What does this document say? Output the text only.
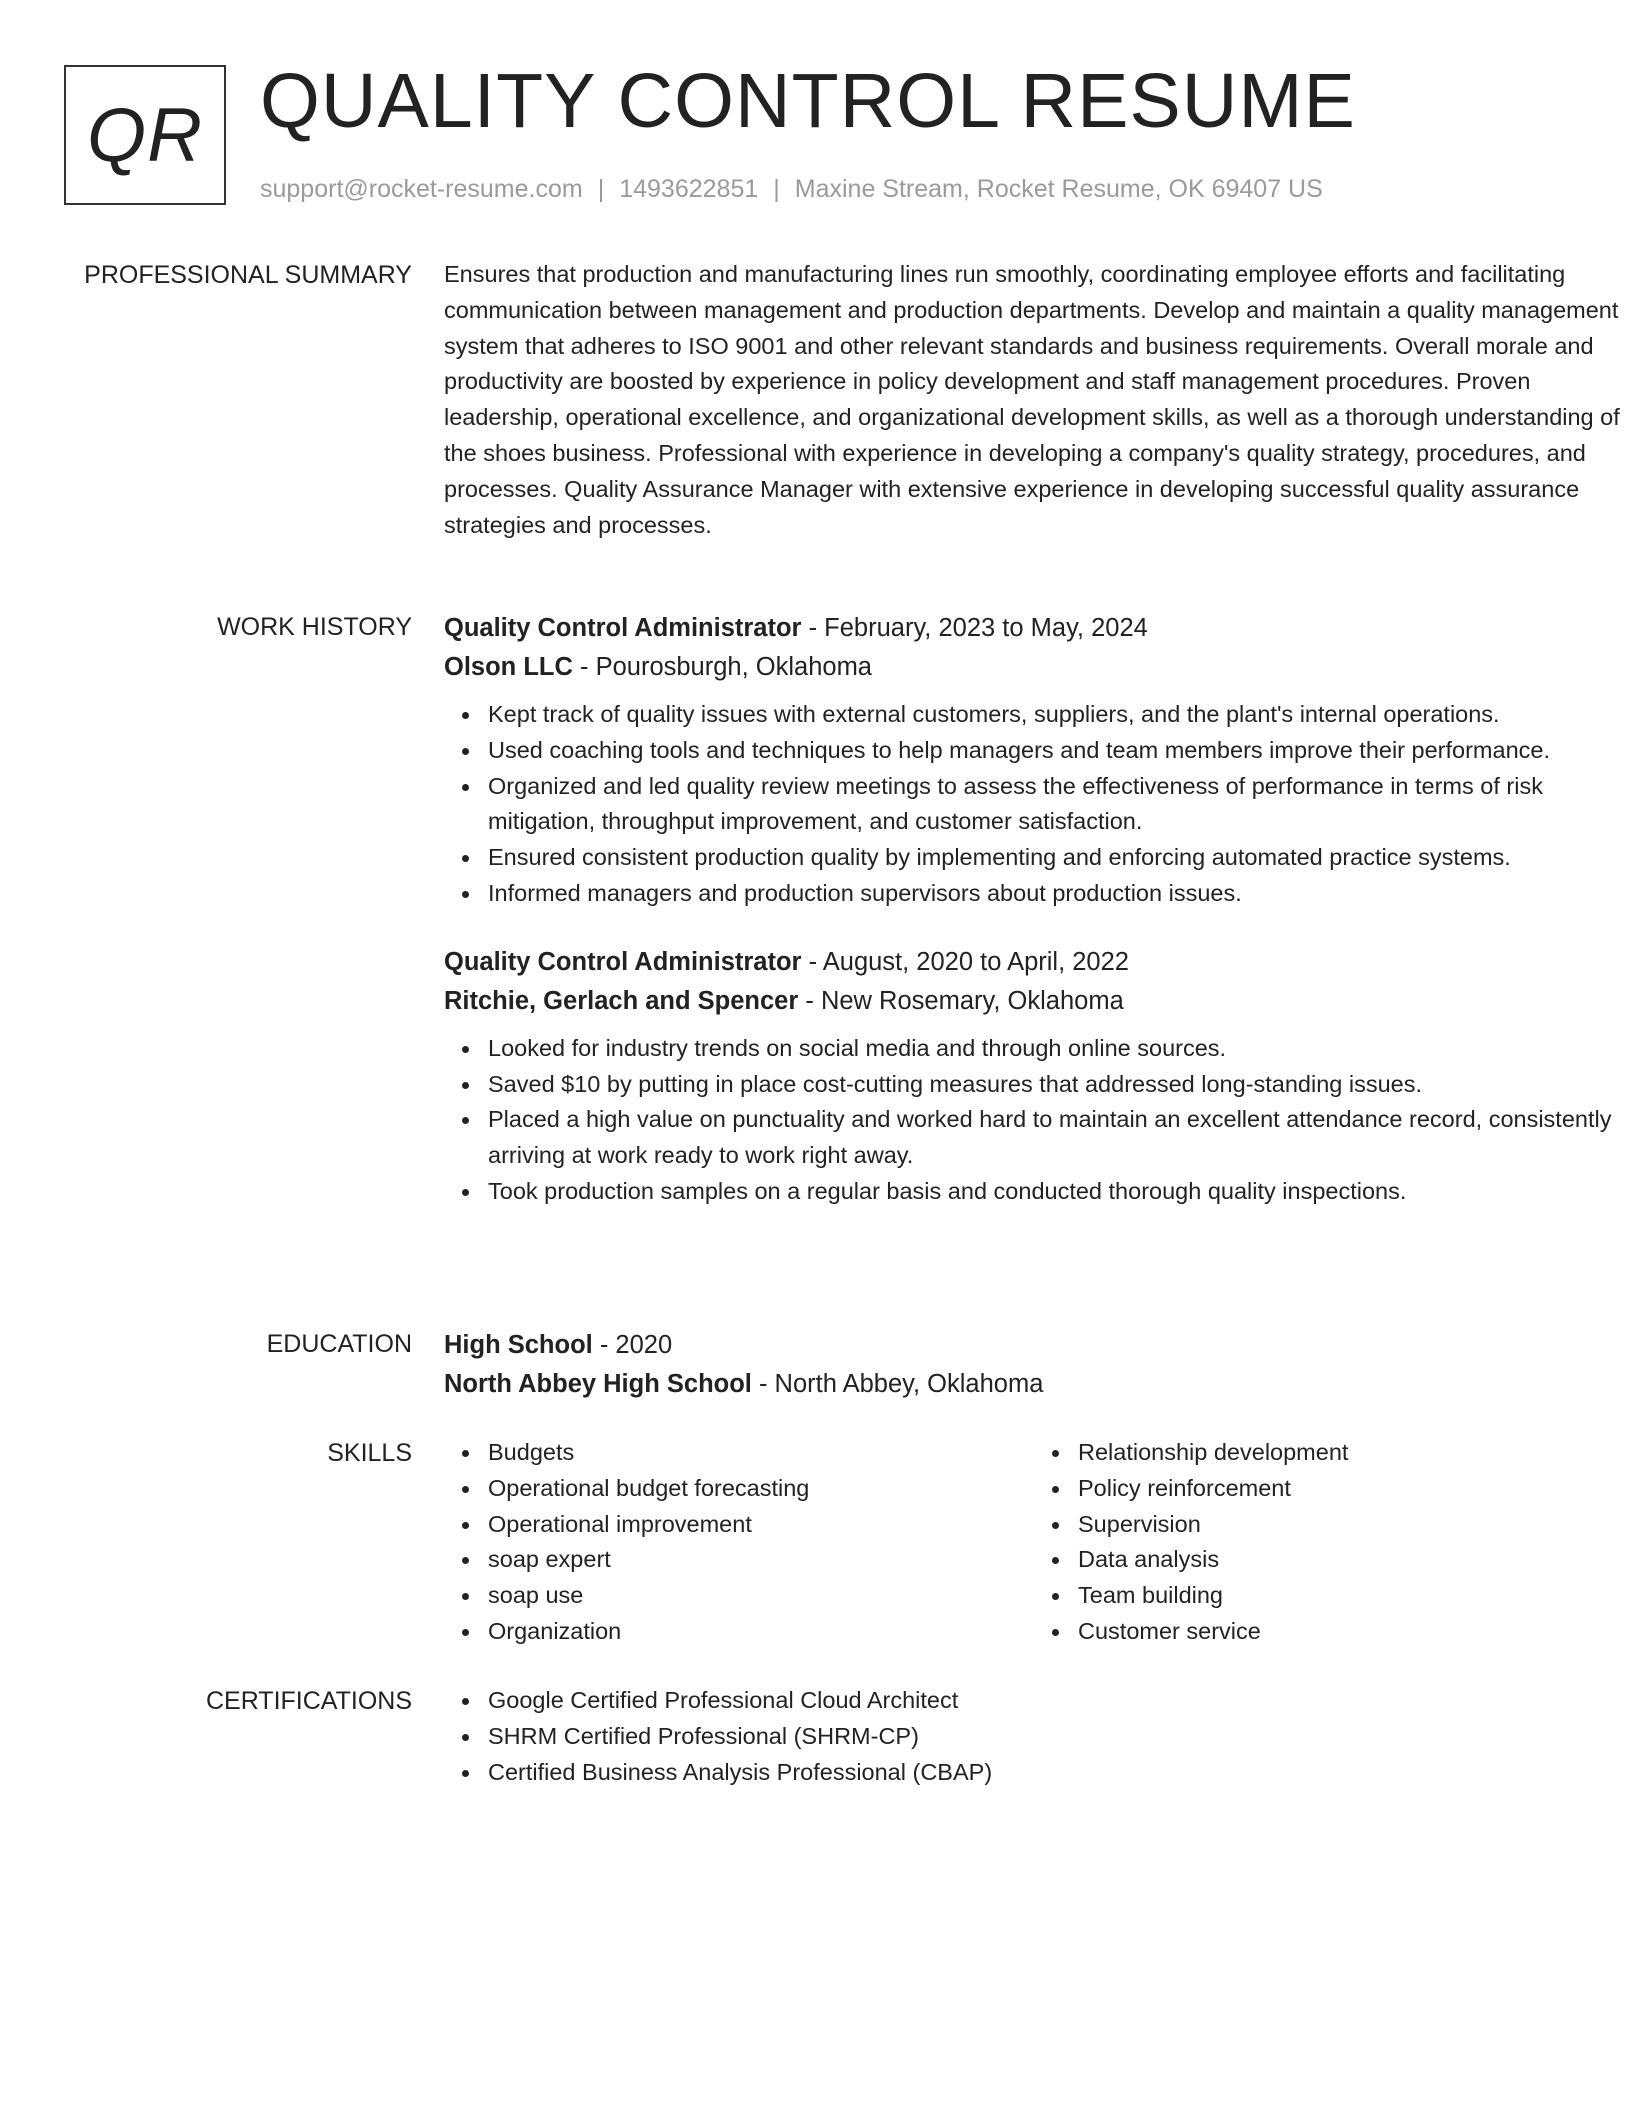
QR QUALITY CONTROL RESUME
support@rocket-resume.com | 1493622851 | Maxine Stream, Rocket Resume, OK 69407 US
PROFESSIONAL SUMMARY Ensures that production and manufacturing lines run smoothly, coordinating employee efforts and facilitating communication between management and production departments. Develop and maintain a quality management system that adheres to ISO 9001 and other relevant standards and business requirements. Overall morale and productivity are boosted by experience in policy development and staff management procedures. Proven leadership, operational excellence, and organizational development skills, as well as a thorough understanding of the shoes business. Professional with experience in developing a company's quality strategy, procedures, and processes. Quality Assurance Manager with extensive experience in developing successful quality assurance strategies and processes.

WORK HISTORY Quality Control Administrator - February, 2023 to May, 2024
Olson LLC - Pourosburgh, Oklahoma
Kept track of quality issues with external customers, suppliers, and the plant's internal operations.
Used coaching tools and techniques to help managers and team members improve their performance.
Organized and led quality review meetings to assess the effectiveness of performance in terms of risk mitigation, throughput improvement, and customer satisfaction.
Ensured consistent production quality by implementing and enforcing automated practice systems.
Informed managers and production supervisors about production issues.
Quality Control Administrator - August, 2020 to April, 2022
Ritchie, Gerlach and Spencer - New Rosemary, Oklahoma
Looked for industry trends on social media and through online sources.
Saved $10 by putting in place cost-cutting measures that addressed long-standing issues.
Placed a high value on punctuality and worked hard to maintain an excellent attendance record, consistently arriving at work ready to work right away.
Took production samples on a regular basis and conducted thorough quality inspections.
EDUCATION High School - 2020
North Abbey High School - North Abbey, Oklahoma
SKILLS	Budgets
Operational budget forecasting
Operational improvement
soap expert
soap use
Organization
Relationship development
Policy reinforcement
Supervision
Data analysis
Team building
Customer service
CERTIFICATIONS	Google Certified Professional Cloud Architect
SHRM Certified Professional (SHRM-CP)
Certified Business Analysis Professional (CBAP)
